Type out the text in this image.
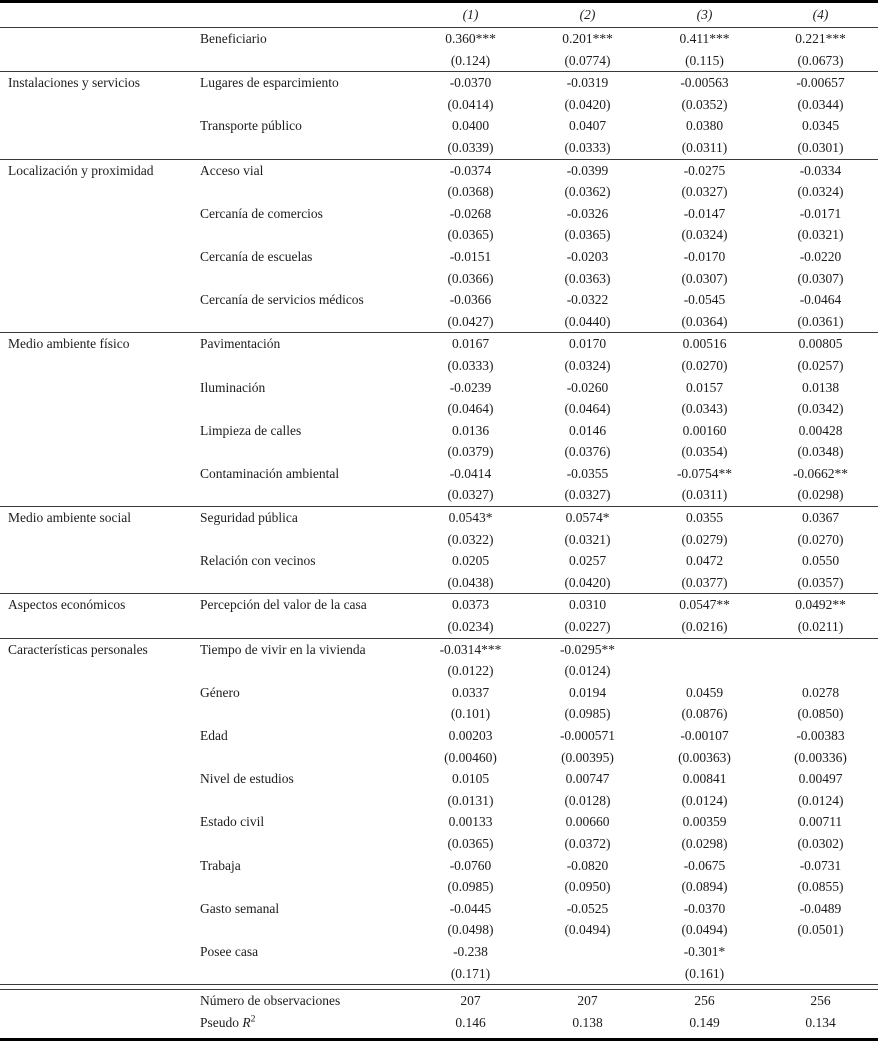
		(1)	(2)	(3)	(4)
	Beneficiario	0.360***	0.201***	0.411***	0.221***
		(0.124)	(0.0774)	(0.115)	(0.0673)
Instalaciones y servicios	Lugares de esparcimiento	-0.0370	-0.0319	-0.00563	-0.00657
		(0.0414)	(0.0420)	(0.0352)	(0.0344)
	Transporte público	0.0400	0.0407	0.0380	0.0345
		(0.0339)	(0.0333)	(0.0311)	(0.0301)
Localización y proximidad	Acceso vial	-0.0374	-0.0399	-0.0275	-0.0334
		(0.0368)	(0.0362)	(0.0327)	(0.0324)
	Cercanía de comercios	-0.0268	-0.0326	-0.0147	-0.0171
		(0.0365)	(0.0365)	(0.0324)	(0.0321)
	Cercanía de escuelas	-0.0151	-0.0203	-0.0170	-0.0220
		(0.0366)	(0.0363)	(0.0307)	(0.0307)
	Cercanía de servicios médicos	-0.0366	-0.0322	-0.0545	-0.0464
		(0.0427)	(0.0440)	(0.0364)	(0.0361)
Medio ambiente físico	Pavimentación	0.0167	0.0170	0.00516	0.00805
		(0.0333)	(0.0324)	(0.0270)	(0.0257)
	Iluminación	-0.0239	-0.0260	0.0157	0.0138
		(0.0464)	(0.0464)	(0.0343)	(0.0342)
	Limpieza de calles	0.0136	0.0146	0.00160	0.00428
		(0.0379)	(0.0376)	(0.0354)	(0.0348)
	Contaminación ambiental	-0.0414	-0.0355	-0.0754**	-0.0662**
		(0.0327)	(0.0327)	(0.0311)	(0.0298)
Medio ambiente social	Seguridad pública	0.0543*	0.0574*	0.0355	0.0367
		(0.0322)	(0.0321)	(0.0279)	(0.0270)
	Relación con vecinos	0.0205	0.0257	0.0472	0.0550
		(0.0438)	(0.0420)	(0.0377)	(0.0357)
Aspectos económicos	Percepción del valor de la casa	0.0373	0.0310	0.0547**	0.0492**
		(0.0234)	(0.0227)	(0.0216)	(0.0211)
Características personales	Tiempo de vivir en la vivienda	-0.0314***	-0.0295**		
		(0.0122)	(0.0124)		
	Género	0.0337	0.0194	0.0459	0.0278
		(0.101)	(0.0985)	(0.0876)	(0.0850)
	Edad	0.00203	-0.000571	-0.00107	-0.00383
		(0.00460)	(0.00395)	(0.00363)	(0.00336)
	Nivel de estudios	0.0105	0.00747	0.00841	0.00497
		(0.0131)	(0.0128)	(0.0124)	(0.0124)
	Estado civil	0.00133	0.00660	0.00359	0.00711
		(0.0365)	(0.0372)	(0.0298)	(0.0302)
	Trabaja	-0.0760	-0.0820	-0.0675	-0.0731
		(0.0985)	(0.0950)	(0.0894)	(0.0855)
	Gasto semanal	-0.0445	-0.0525	-0.0370	-0.0489
		(0.0498)	(0.0494)	(0.0494)	(0.0501)
	Posee casa	-0.238		-0.301*	
		(0.171)		(0.161)	

	Número de observaciones	207	207	256	256
	Pseudo $R^2$	0.146	0.138	0.149	0.134
